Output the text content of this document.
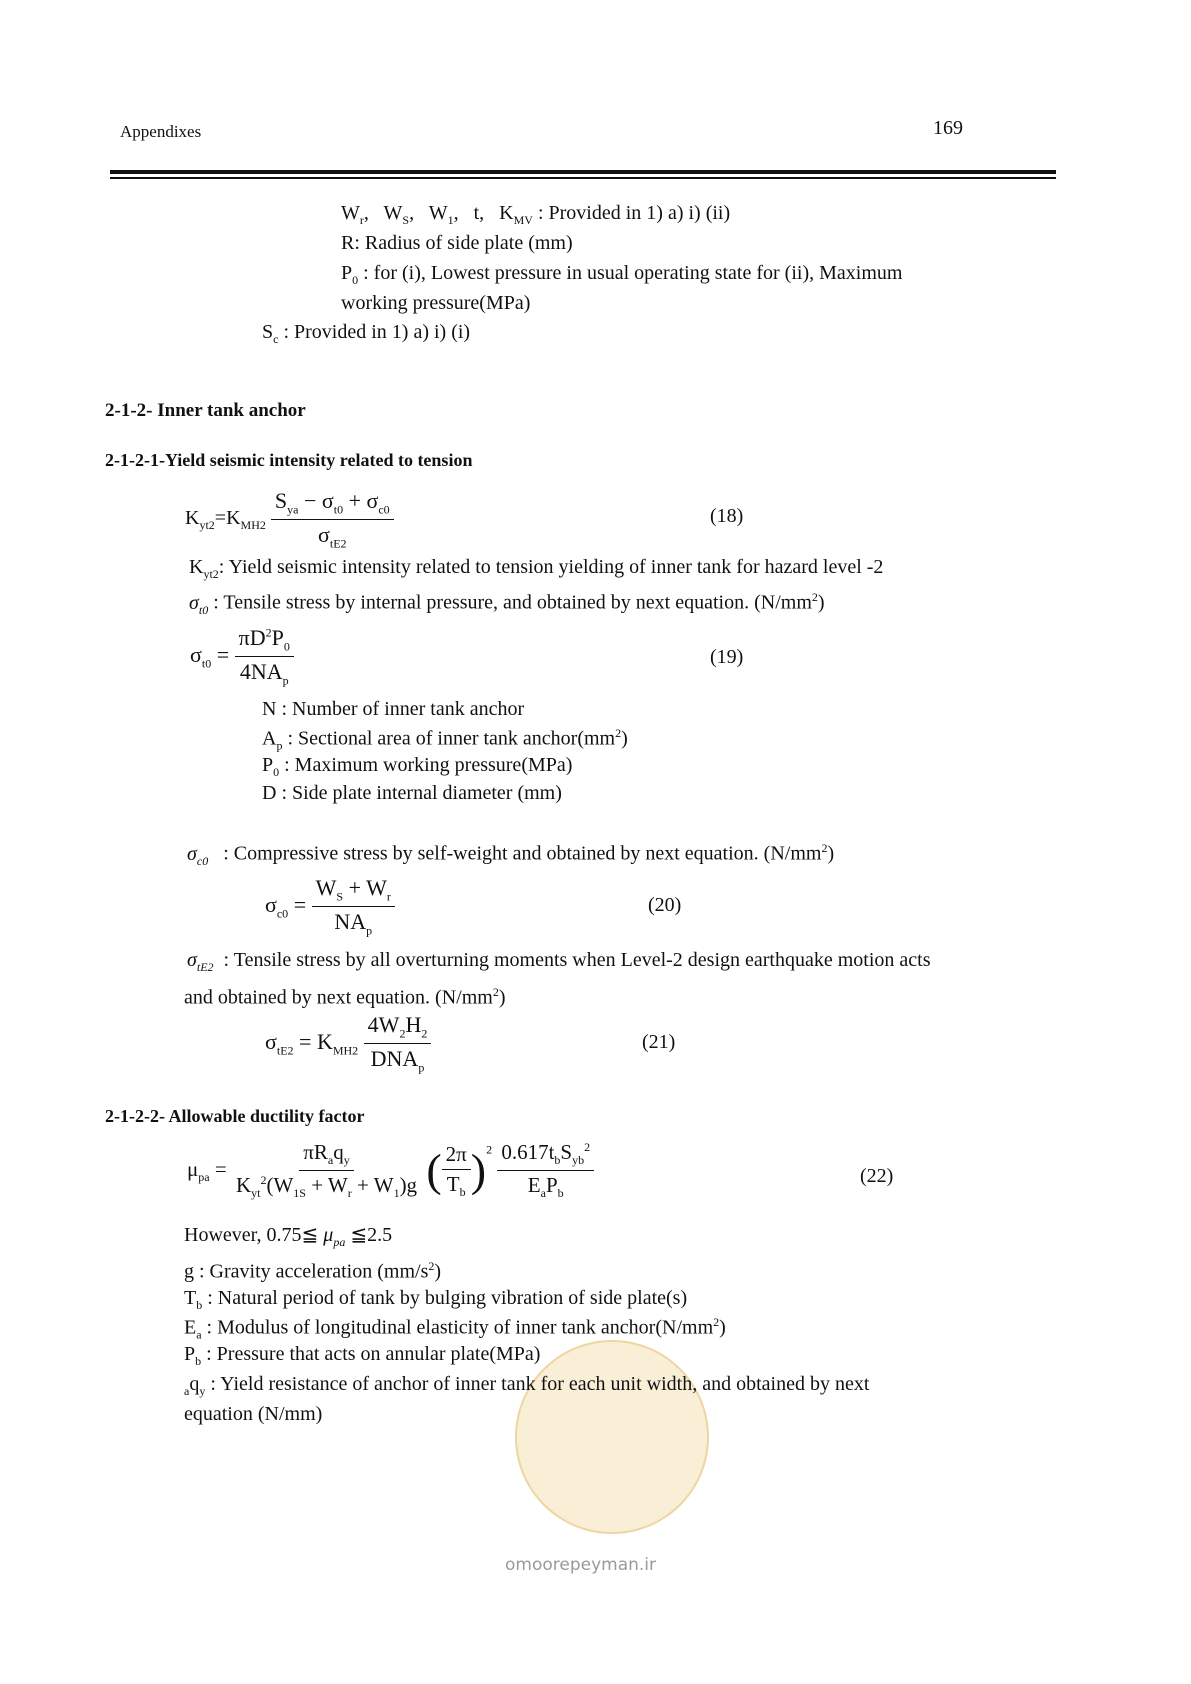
Appendixes	169
$W_r$,   $W_S$,   $W_1$,   t,   $K_{MV}$ : Provided in 1) a) i) (ii)
R: Radius of side plate (mm)
$P_0$ : for (i), Lowest pressure in usual operating state for (ii), Maximum
working pressure(MPa)
$S_c$ : Provided in 1) a) i) (i)
2-1-2- Inner tank anchor
2-1-2-1-Yield seismic intensity related to tension
$K_{yt2}=K_{MH2} \frac{S_{ya} - \sigma_{t0} + \sigma_{c0}}{\sigma_{tE2}}$	(18)
$K_{yt2}$: Yield seismic intensity related to tension yielding of inner tank for hazard level -2
$\sigma_{t0}$ : Tensile stress by internal pressure, and obtained by next equation. $(N/mm^2)$
$\sigma_{t0} = \frac{\pi D^2P_0}{4NA_p}$	(19)
N : Number of inner tank anchor
$A_p$ : Sectional area of inner tank $anchor(mm^2)$
$P_0$ : Maximum working pressure(MPa)
D : Side plate internal diameter (mm)
$\sigma_{c0}$ : Compressive stress by self-weight and obtained by next equation. $(N/mm^2)$
$\sigma_{c0} = \frac{W_S + W_r}{NA_p}$	(20)
$\sigma_{tE2}$ : Tensile stress by all overturning moments when Level-2 design earthquake motion acts
and obtained by next equation. $(N/mm^2)$
$\sigma_{tE2} = K_{MH2} \frac{4W_2H_2}{DNA_p}$	(21)
2-1-2-2- Allowable ductility factor
$\mu_{pa} = \frac{\pi R_aq_y}{K_{yt}^2(W_{1S} + W_r + W_1)g}$ ( $\frac{2\pi}{T_b} )^2 \frac{0.617t_bS_{yb}^2}{E_aP_b}$	(22)
However, 0.75≦ $\mu_{pa}$ ≦2.5
omoorepeyman.ir
g : Gravity acceleration $(mm/s^2)$
$T_b$ : Natural period of tank by bulging vibration of side plate(s)
$E_a$ : Modulus of longitudinal elasticity of inner tank $anchor(N/mm^2)$
$P_b$ : Pressure that acts on annular plate(MPa)
$_aq_y$ : Yield resistance of anchor of inner tank for each unit width, and obtained by next
equation (N/mm)
